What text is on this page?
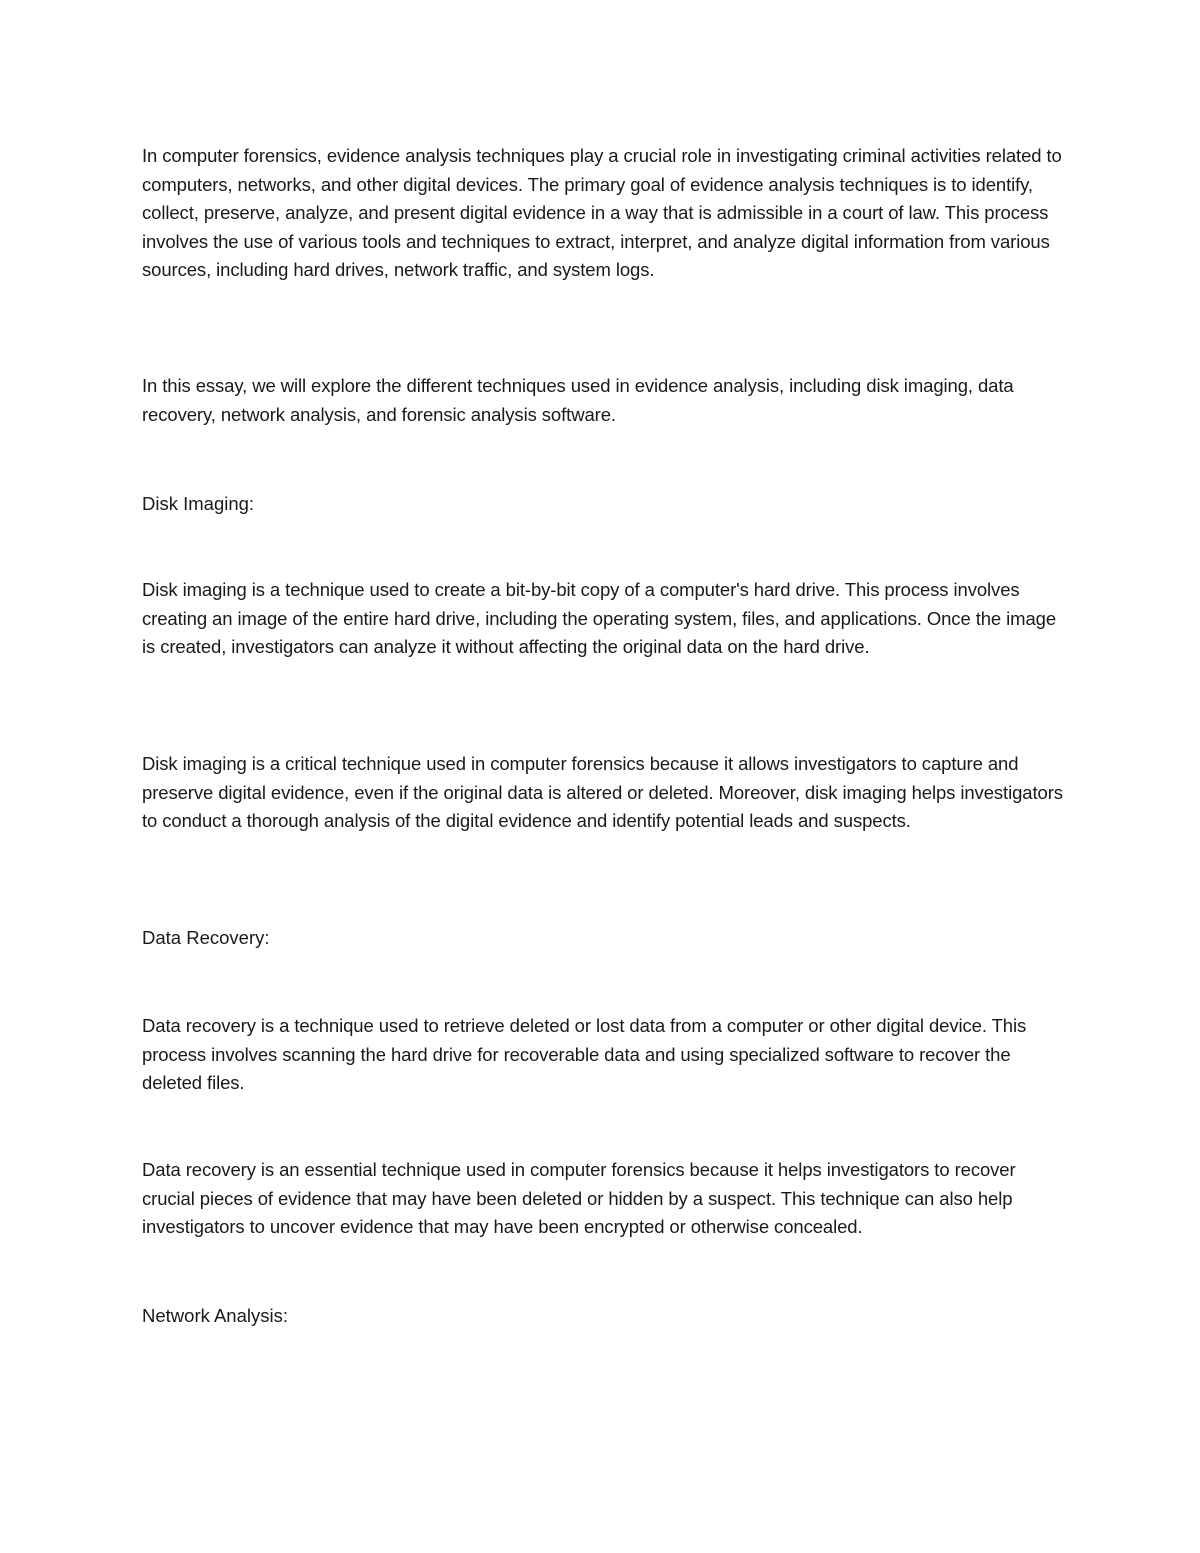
In computer forensics, evidence analysis techniques play a crucial role in investigating criminal activities related to computers, networks, and other digital devices. The primary goal of evidence analysis techniques is to identify, collect, preserve, analyze, and present digital evidence in a way that is admissible in a court of law. This process involves the use of various tools and techniques to extract, interpret, and analyze digital information from various sources, including hard drives, network traffic, and system logs.

In this essay, we will explore the different techniques used in evidence analysis, including disk imaging, data recovery, network analysis, and forensic analysis software.

Disk Imaging:

Disk imaging is a technique used to create a bit-by-bit copy of a computer's hard drive. This process involves creating an image of the entire hard drive, including the operating system, files, and applications. Once the image is created, investigators can analyze it without affecting the original data on the hard drive.

Disk imaging is a critical technique used in computer forensics because it allows investigators to capture and preserve digital evidence, even if the original data is altered or deleted. Moreover, disk imaging helps investigators to conduct a thorough analysis of the digital evidence and identify potential leads and suspects.

Data Recovery:

Data recovery is a technique used to retrieve deleted or lost data from a computer or other digital device. This process involves scanning the hard drive for recoverable data and using specialized software to recover the deleted files.

Data recovery is an essential technique used in computer forensics because it helps investigators to recover crucial pieces of evidence that may have been deleted or hidden by a suspect. This technique can also help investigators to uncover evidence that may have been encrypted or otherwise concealed.

Network Analysis:
